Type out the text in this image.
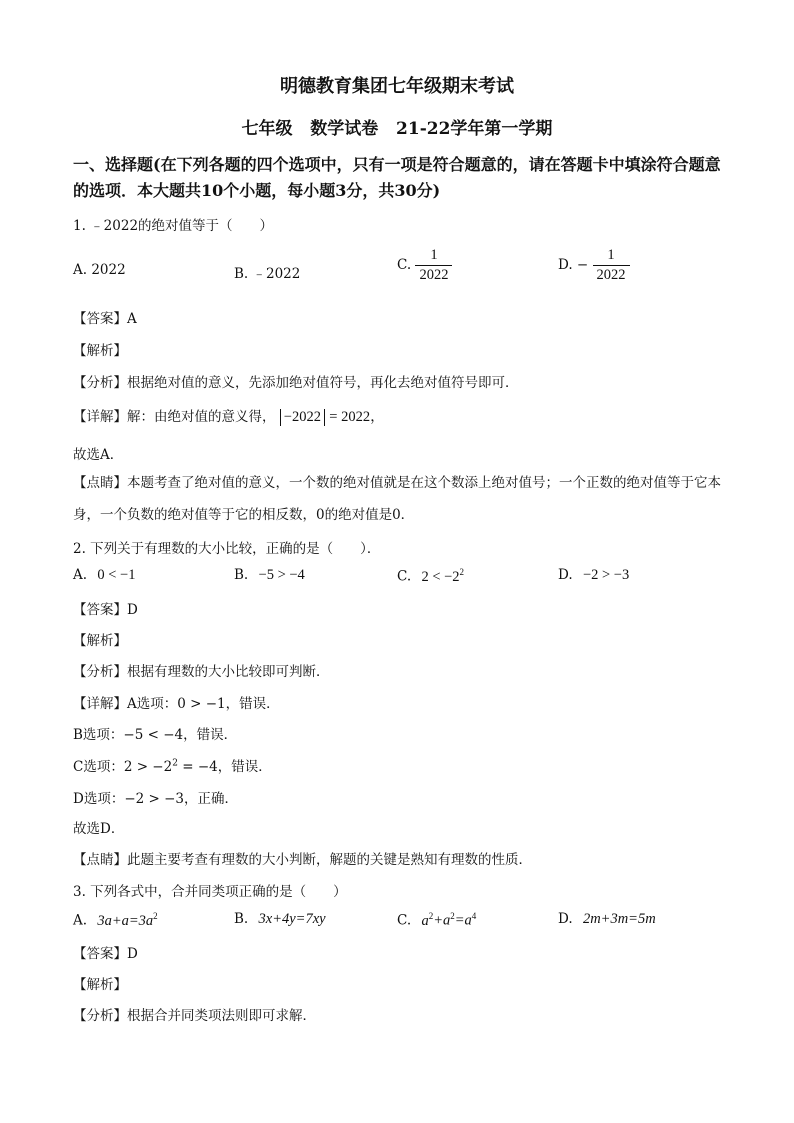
明德教育集团七年级期末考试
七年级   数学试卷   21-22学年第一学期
一、选择题(在下列各题的四个选项中，只有一项是符合题意的，请在答题卡中填涂符合题意的选项．本大题共10个小题，每小题3分，共30分)
1. ﹣2022的绝对值等于（　　）
A. 2022	B. ﹣2022
C. $\frac{1}{2022}$	D. − $\frac{1}{2022}$
【答案】A
【解析】
【分析】根据绝对值的意义，先添加绝对值符号，再化去绝对值符号即可．
【详解】解：由绝对值的意义得， −2022 = 2022，
故选A．
【点睛】本题考查了绝对值的意义，一个数的绝对值就是在这个数添上绝对值号；一个正数的绝对值等于它本身，一个负数的绝对值等于它的相反数，0的绝对值是0．
2. 下列关于有理数的大小比较，正确的是（　　）．
A. 0 < −1	B. −5 > −4	C. $2 < -2^2$	D. −2 > −3
【答案】D
【解析】
【分析】根据有理数的大小比较即可判断．
【详解】A选项：0 > −1，错误．
B选项：−5 < −4，错误．
C选项：$2 > -2^2 = -4$，错误．
D选项：−2 > −3，正确．
故选D．
【点睛】此题主要考查有理数的大小判断，解题的关键是熟知有理数的性质．
3. 下列各式中，合并同类项正确的是（　　）
A. $3a+a=3a^2$	B. 3x+4y=7xy	C. $a^2+a^2=a^4$	D. 2m+3m=5m
【答案】D
【解析】
【分析】根据合并同类项法则即可求解．
